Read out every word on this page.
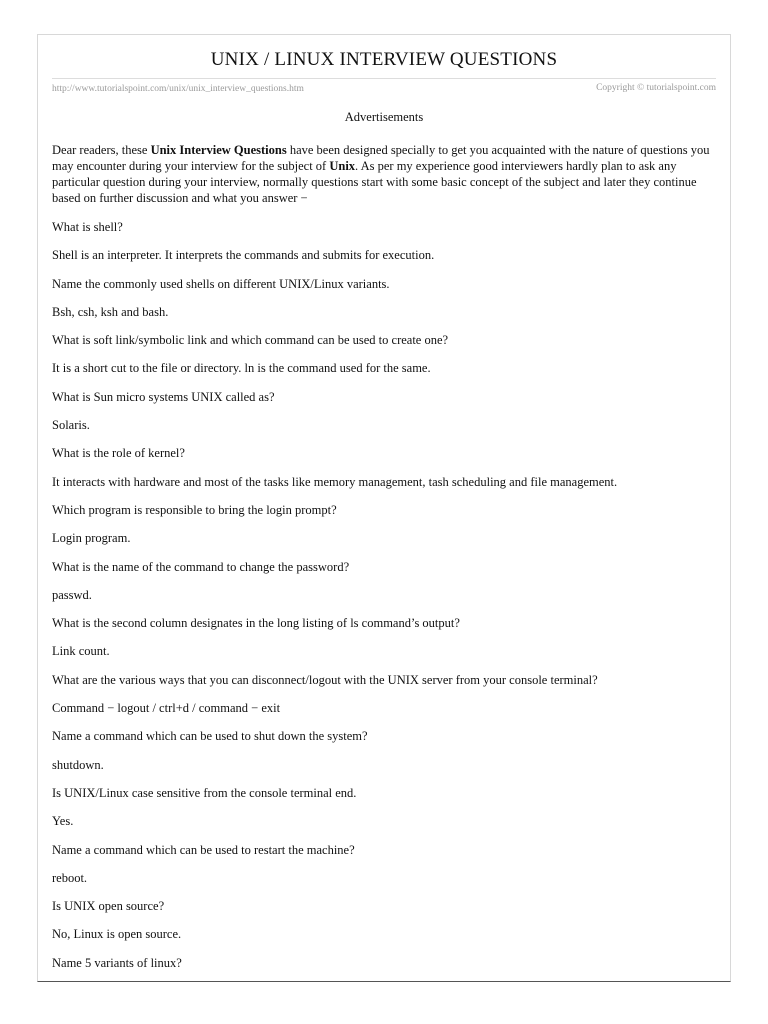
UNIX / LINUX INTERVIEW QUESTIONS
http://www.tutorialspoint.com/unix/unix_interview_questions.htm	Copyright © tutorialspoint.com
Advertisements
Dear readers, these Unix Interview Questions have been designed specially to get you acquainted with the nature of questions you may encounter during your interview for the subject of Unix. As per my experience good interviewers hardly plan to ask any particular question during your interview, normally questions start with some basic concept of the subject and later they continue based on further discussion and what you answer −
What is shell?
Shell is an interpreter. It interprets the commands and submits for execution.
Name the commonly used shells on different UNIX/Linux variants.
Bsh, csh, ksh and bash.
What is soft link/symbolic link and which command can be used to create one?
It is a short cut to the file or directory. ln is the command used for the same.
What is Sun micro systems UNIX called as?
Solaris.
What is the role of kernel?
It interacts with hardware and most of the tasks like memory management, tash scheduling and file management.
Which program is responsible to bring the login prompt?
Login program.
What is the name of the command to change the password?
passwd.
What is the second column designates in the long listing of ls command’s output?
Link count.
What are the various ways that you can disconnect/logout with the UNIX server from your console terminal?
Command − logout / ctrl+d / command − exit
Name a command which can be used to shut down the system?
shutdown.
Is UNIX/Linux case sensitive from the console terminal end.
Yes.
Name a command which can be used to restart the machine?
reboot.
Is UNIX open source?
No, Linux is open source.
Name 5 variants of linux?
